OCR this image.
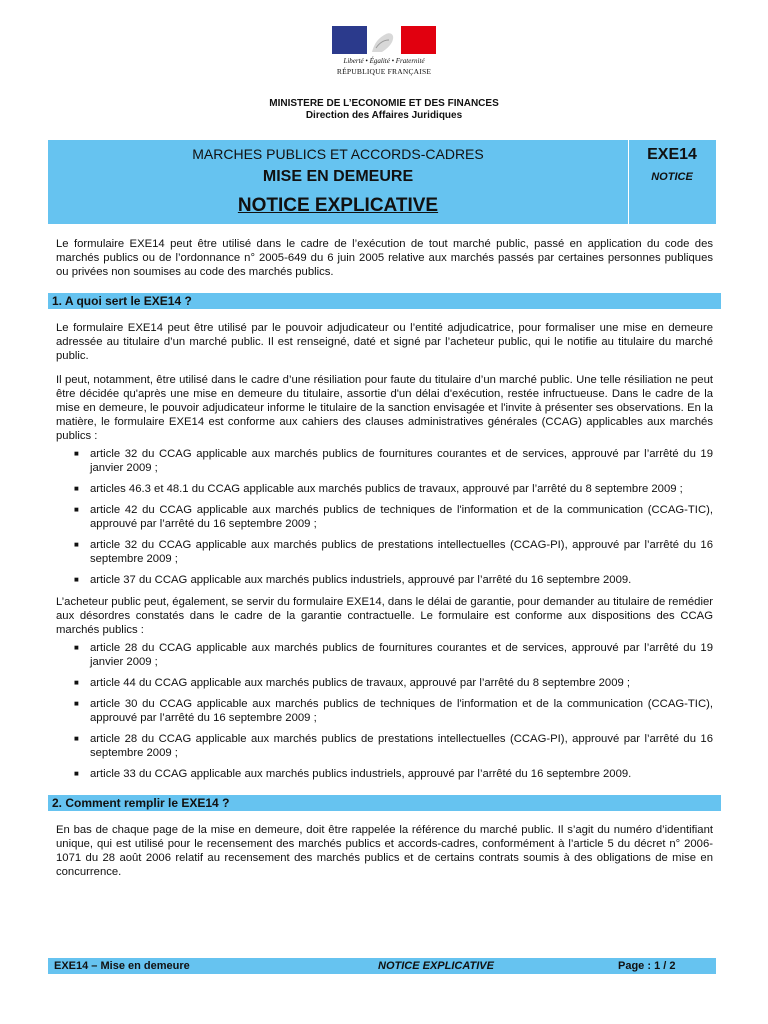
Liberté • Égalité • Fraternité
RÉPUBLIQUE FRANÇAISE
MINISTERE DE L’ECONOMIE ET DES FINANCES
Direction des Affaires Juridiques
MARCHES PUBLICS ET ACCORDS-CADRES
MISE EN DEMEURE
NOTICE EXPLICATIVE
EXE14
NOTICE

Le formulaire EXE14 peut être utilisé dans le cadre de l’exécution de tout marché public, passé en application du code des marchés publics ou de l’ordonnance n° 2005-649 du 6 juin 2005 relative aux marchés passés par certaines personnes publiques ou privées non soumises au code des marchés publics.

1. A quoi sert le EXE14 ?

Le formulaire EXE14 peut être utilisé par le pouvoir adjudicateur ou l’entité adjudicatrice, pour formaliser une mise en demeure adressée au titulaire d’un marché public. Il est renseigné, daté et signé par l’acheteur public, qui le notifie au titulaire du marché public.

Il peut, notamment, être utilisé dans le cadre d’une résiliation pour faute du titulaire d’un marché public. Une telle résiliation ne peut être décidée qu'après une mise en demeure du titulaire, assortie d'un délai d'exécution, restée infructueuse. Dans le cadre de la mise en demeure, le pouvoir adjudicateur informe le titulaire de la sanction envisagée et l'invite à présenter ses observations. En la matière, le formulaire EXE14 est conforme aux cahiers des clauses administratives générales (CCAG) applicables aux marchés publics :

■ article 32 du CCAG applicable aux marchés publics de fournitures courantes et de services, approuvé par l’arrêté du 19 janvier 2009 ;
■ articles 46.3 et 48.1 du CCAG applicable aux marchés publics de travaux, approuvé par l’arrêté du 8 septembre 2009 ;
■ article 42 du CCAG applicable aux marchés publics de techniques de l'information et de la communication (CCAG-TIC), approuvé par l’arrêté du 16 septembre 2009 ;
■ article 32 du CCAG applicable aux marchés publics de prestations intellectuelles (CCAG-PI), approuvé par l’arrêté du 16 septembre 2009 ;
■ article 37 du CCAG applicable aux marchés publics industriels, approuvé par l’arrêté du 16 septembre 2009.

L’acheteur public peut, également, se servir du formulaire EXE14, dans le délai de garantie, pour demander au titulaire de remédier aux désordres constatés dans le cadre de la garantie contractuelle. Le formulaire est conforme aux dispositions des CCAG marchés publics :

■ article 28 du CCAG applicable aux marchés publics de fournitures courantes et de services, approuvé par l’arrêté du 19 janvier 2009 ;
■ article 44 du CCAG applicable aux marchés publics de travaux, approuvé par l’arrêté du 8 septembre 2009 ;
■ article 30 du CCAG applicable aux marchés publics de techniques de l'information et de la communication (CCAG-TIC), approuvé par l’arrêté du 16 septembre 2009 ;
■ article 28 du CCAG applicable aux marchés publics de prestations intellectuelles (CCAG-PI), approuvé par l’arrêté du 16 septembre 2009 ;
■ article 33 du CCAG applicable aux marchés publics industriels, approuvé par l’arrêté du 16 septembre 2009.
2. Comment remplir le EXE14 ?

En bas de chaque page de la mise en demeure, doit être rappelée la référence du marché public. Il s’agit du numéro d’identifiant unique, qui est utilisé pour le recensement des marchés publics et accords-cadres, conformément à l’article 5 du décret n° 2006-1071 du 28 août 2006 relatif au recensement des marchés publics et de certains contrats soumis à des obligations de mise en concurrence.

EXE14 – Mise en demeure	NOTICE EXPLICATIVE	Page : 1 / 2
